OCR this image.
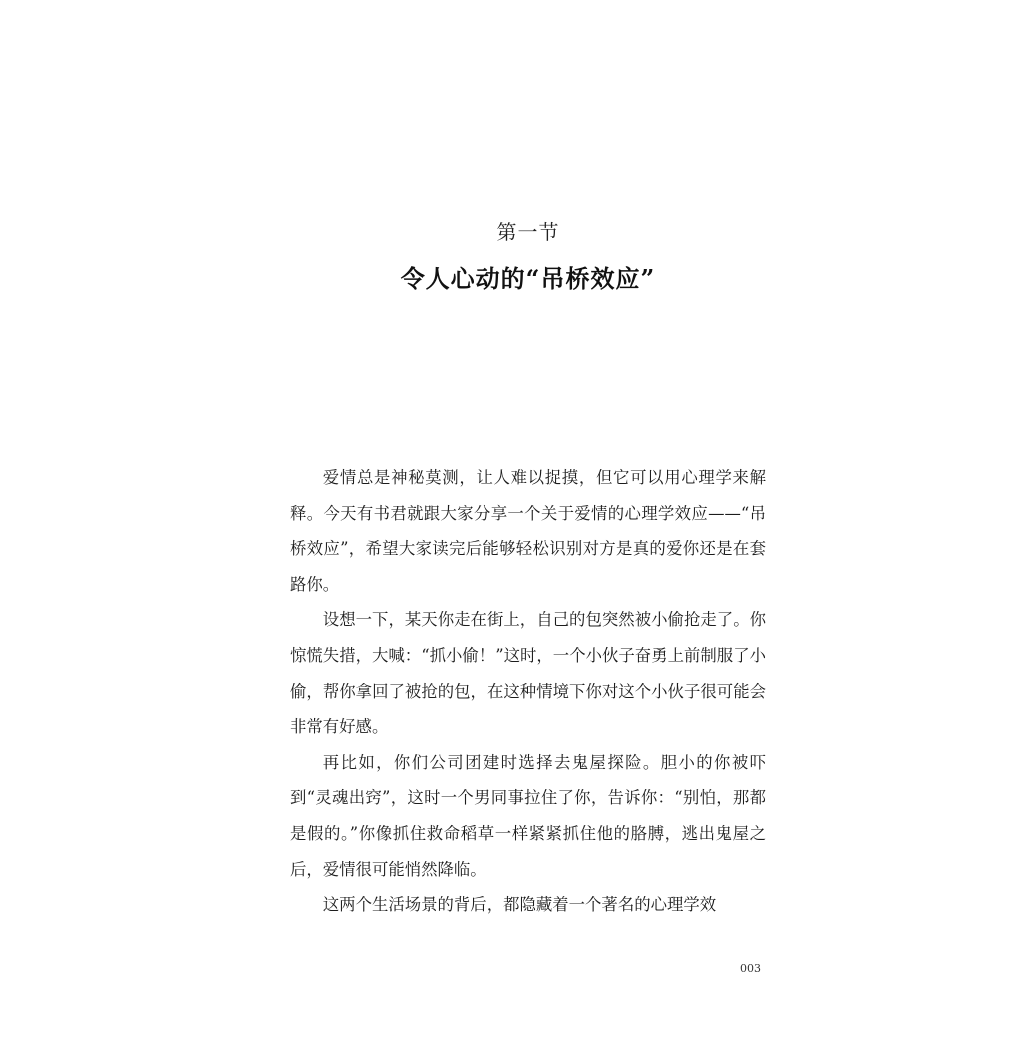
第一节
令人心动的“吊桥效应”

爱情总是神秘莫测，让人难以捉摸，但它可以用心理学来解释。今天有书君就跟大家分享一个关于爱情的心理学效应——“吊桥效应”，希望大家读完后能够轻松识别对方是真的爱你还是在套路你。

设想一下，某天你走在街上，自己的包突然被小偷抢走了。你惊慌失措，大喊：“抓小偷！”这时，一个小伙子奋勇上前制服了小偷，帮你拿回了被抢的包，在这种情境下你对这个小伙子很可能会非常有好感。

再比如，你们公司团建时选择去鬼屋探险。胆小的你被吓到“灵魂出窍”，这时一个男同事拉住了你，告诉你：“别怕，那都是假的。”你像抓住救命稻草一样紧紧抓住他的胳膊，逃出鬼屋之后，爱情很可能悄然降临。

这两个生活场景的背后，都隐藏着一个著名的心理学效

003
